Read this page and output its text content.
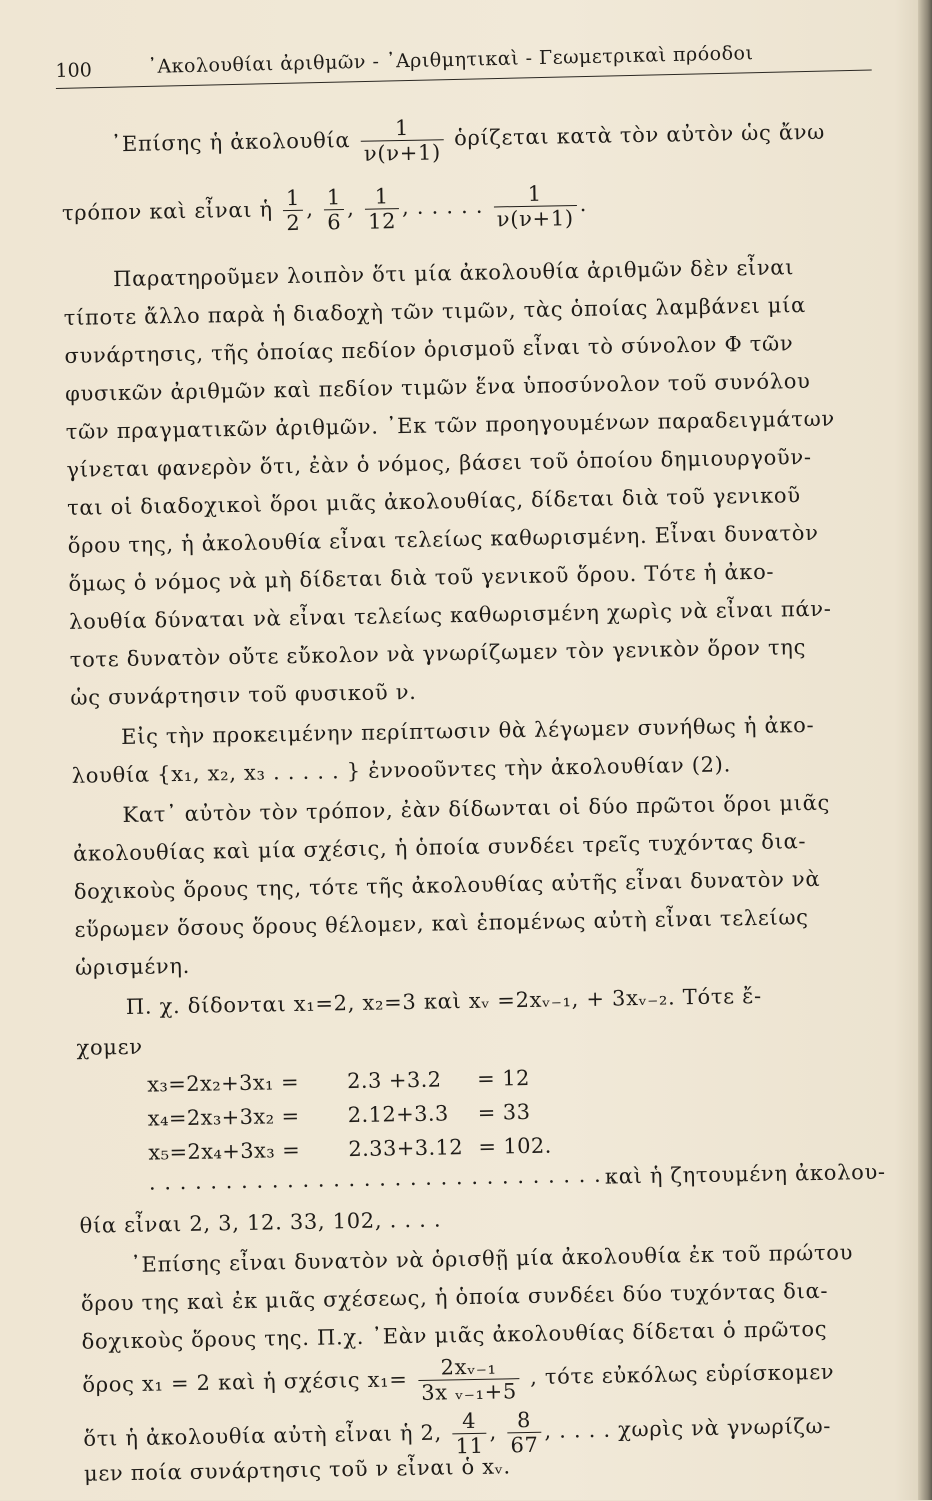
100	᾿Ακολουθίαι ἀριθμῶν - ᾿Αριθμητικαὶ - Γεωμετρικαὶ πρόοδοι
᾿Επίσης ἡ ἀκολουθία $\frac{1}{\nu(\nu+1)}$ ὁρίζεται κατὰ τὸν αὐτὸν ὡς ἄνω
τρόπον καὶ εἶναι ἡ $\frac{1}{2}$ , $\frac{1}{6}$ , $\frac{1}{12}$ , . . . . . $\frac{1}{\nu(\nu+1)}$ .
Παρατηροῦμεν λοιπὸν ὅτι μία ἀκολουθία ἀριθμῶν δὲν εἶναι
τίποτε ἄλλο παρὰ ἡ διαδοχὴ τῶν τιμῶν, τὰς ὁποίας λαμβάνει μία
συνάρτησις, τῆς ὁποίας πεδίον ὁρισμοῦ εἶναι τὸ σύνολον Φ τῶν
φυσικῶν ἀριθμῶν καὶ πεδίον τιμῶν ἕνα ὑποσύνολον τοῦ συνόλου
τῶν πραγματικῶν ἀριθμῶν. ᾿Εκ τῶν προηγουμένων παραδειγμάτων
γίνεται φανερὸν ὅτι, ἐὰν ὁ νόμος, βάσει τοῦ ὁποίου δημιουργοῦν-
ται οἱ διαδοχικοὶ ὅροι μιᾶς ἀκολουθίας, δίδεται διὰ τοῦ γενικοῦ
ὅρου της, ἡ ἀκολουθία εἶναι τελείως καθωρισμένη. Εἶναι δυνατὸν
ὅμως ὁ νόμος νὰ μὴ δίδεται διὰ τοῦ γενικοῦ ὅρου. Τότε ἡ ἀκο-
λουθία δύναται νὰ εἶναι τελείως καθωρισμένη χωρὶς νὰ εἶναι πάν-
τοτε δυνατὸν οὔτε εὔκολον νὰ γνωρίζωμεν τὸν γενικὸν ὅρον της
ὡς συνάρτησιν τοῦ φυσικοῦ ν.
Εἰς τὴν προκειμένην περίπτωσιν θὰ λέγωμεν συνήθως ἡ ἀκο-
λουθία {x₁, x₂, x₃ . . . . . } ἐννοοῦντες τὴν ἀκολουθίαν (2).
Κατ᾿ αὐτὸν τὸν τρόπον, ἐὰν δίδωνται οἱ δύο πρῶτοι ὅροι μιᾶς
ἀκολουθίας καὶ μία σχέσις, ἡ ὁποία συνδέει τρεῖς τυχόντας δια-
δοχικοὺς ὅρους της, τότε τῆς ἀκολουθίας αὐτῆς εἶναι δυνατὸν νὰ
εὕρωμεν ὅσους ὅρους θέλομεν, καὶ ἑπομένως αὐτὴ εἶναι τελείως
ὡρισμένη.
Π. χ. δίδονται x₁=2, x₂=3 καὶ xᵥ =2xᵥ₋₁, + 3xᵥ₋₂. Τότε ἔ-
χομεν
x₃=2x₂+3x₁ = 2.3 +3.2 = 12
x₄=2x₃+3x₂ = 2.12+3.3 = 33
x₅=2x₄+3x₃ = 2.33+3.12 = 102.
. . . . . . . . . . . . . . . . . . . . . . . . . . . . . . .
καὶ ἡ ζητουμένη ἀκολου-
θία εἶναι 2, 3, 12. 33, 102, . . . .
᾿Επίσης εἶναι δυνατὸν νὰ ὁρισθῇ μία ἀκολουθία ἐκ τοῦ πρώτου
ὅρου της καὶ ἐκ μιᾶς σχέσεως, ἡ ὁποία συνδέει δύο τυχόντας δια-
δοχικοὺς ὅρους της. Π.χ. ᾿Εὰν μιᾶς ἀκολουθίας δίδεται ὁ πρῶτος
ὅρος x₁ = 2 καὶ ἡ σχέσις $x_1= \frac{\text{2xᵥ₋₁}}{\text{3x ᵥ₋₁+5}}$ , τότε εὐκόλως εὑρίσκομεν
ὅτι ἡ ἀκολουθία αὐτὴ εἶναι ἡ 2, $\frac{4}{11}$ , $\frac{8}{67}$ , . . . . χωρὶς νὰ γνωρίζω-
μεν ποία συνάρτησις τοῦ ν εἶναι ὁ xᵥ.
